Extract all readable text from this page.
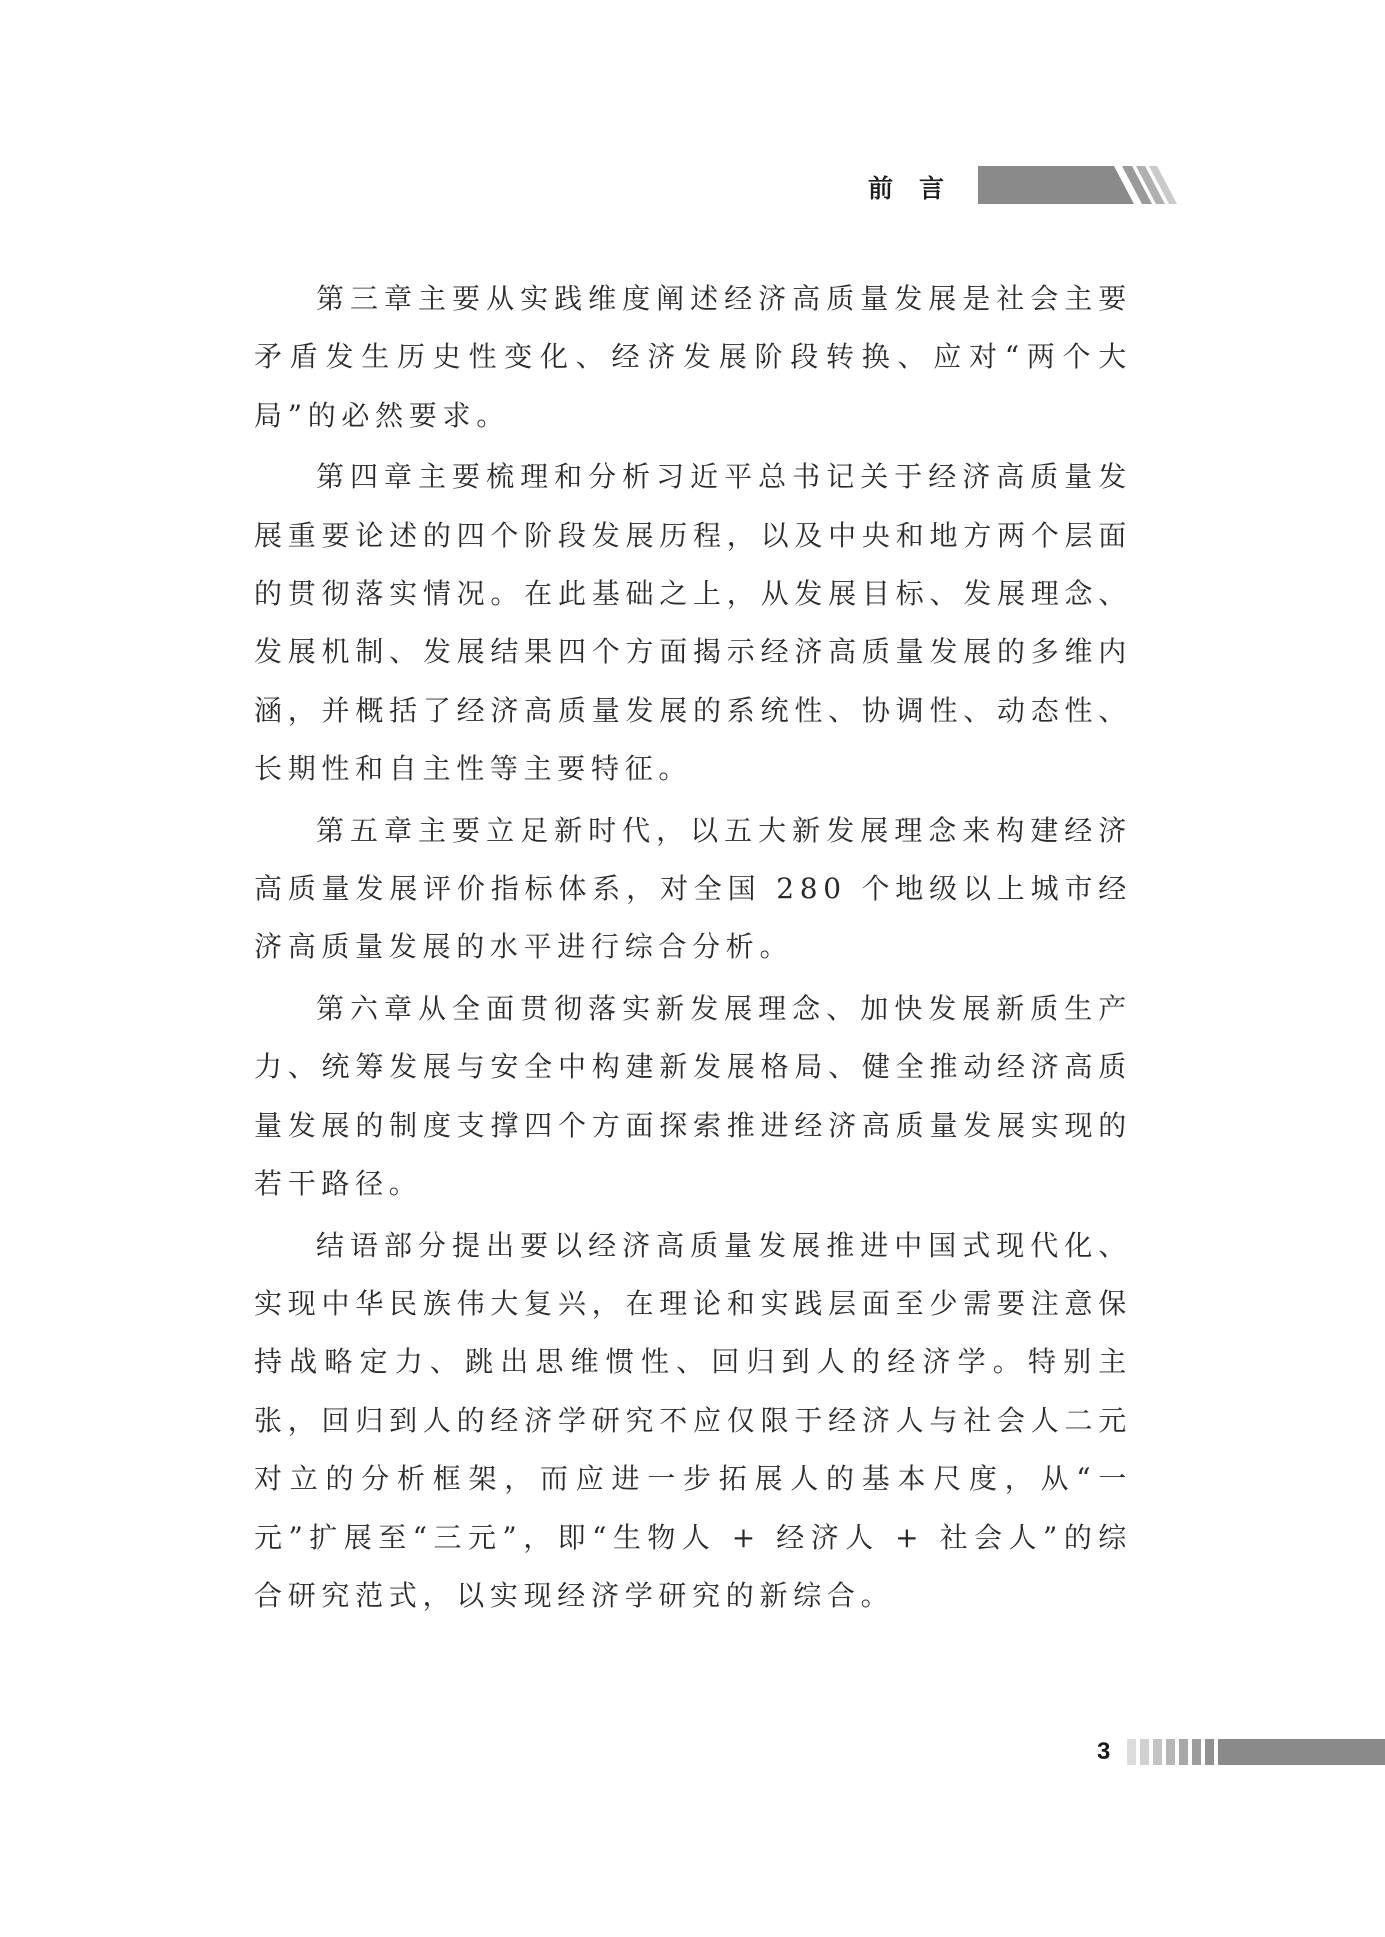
前言

第三章主要从实践维度阐述经济高质量发展是社会主要矛盾发生历史性变化、经济发展阶段转换、应对“两个大局”的必然要求。

第四章主要梳理和分析习近平总书记关于经济高质量发展重要论述的四个阶段发展历程，以及中央和地方两个层面的贯彻落实情况。在此基础之上，从发展目标、发展理念、发展机制、发展结果四个方面揭示经济高质量发展的多维内涵，并概括了经济高质量发展的系统性、协调性、动态性、长期性和自主性等主要特征。

第五章主要立足新时代，以五大新发展理念来构建经济高质量发展评价指标体系，对全国 280 个地级以上城市经济高质量发展的水平进行综合分析。

第六章从全面贯彻落实新发展理念、加快发展新质生产力、统筹发展与安全中构建新发展格局、健全推动经济高质量发展的制度支撑四个方面探索推进经济高质量发展实现的若干路径。

结语部分提出要以经济高质量发展推进中国式现代化、实现中华民族伟大复兴，在理论和实践层面至少需要注意保持战略定力、跳出思维惯性、回归到人的经济学。特别主张，回归到人的经济学研究不应仅限于经济人与社会人二元对立的分析框架，而应进一步拓展人的基本尺度，从“一元”扩展至“三元”，即“生物人 + 经济人 + 社会人”的综合研究范式，以实现经济学研究的新综合。

3
